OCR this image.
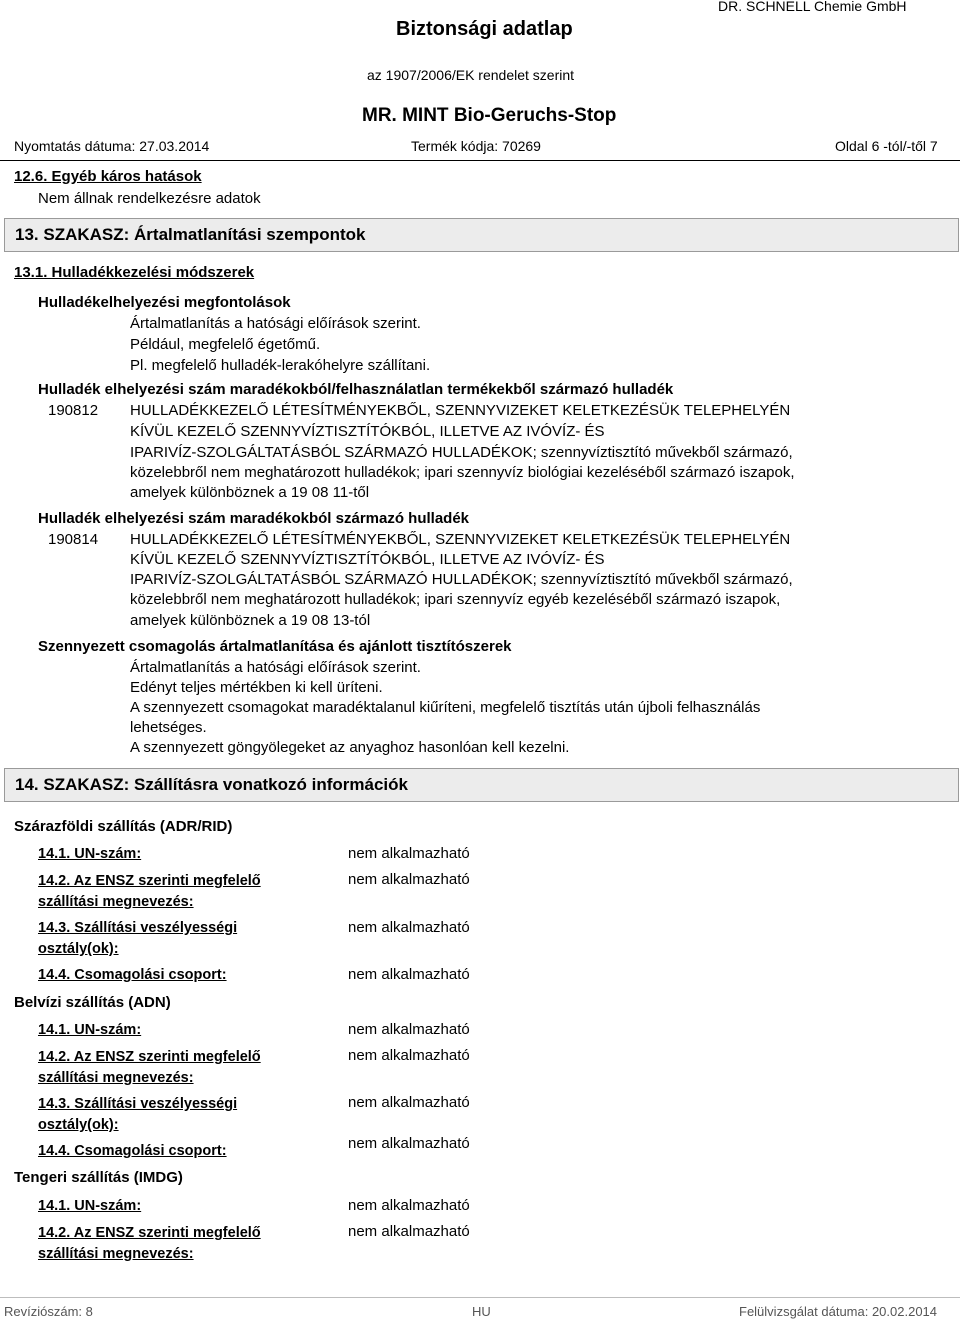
Biztonsági adatlap
DR. SCHNELL Chemie GmbH
az 1907/2006/EK rendelet szerint
MR. MINT Bio-Geruchs-Stop
Nyomtatás dátuma: 27.03.2014	Termék kódja: 70269	Oldal 6 -tól/-től 7
12.6. Egyéb káros hatások
Nem állnak rendelkezésre adatok
13. SZAKASZ: Ártalmatlanítási szempontok
13.1. Hulladékkezelési módszerek
Hulladékelhelyezési megfontolások
Ártalmatlanítás a hatósági előírások szerint.
Például, megfelelő égetőmű.
Pl. megfelelő hulladék-lerakóhelyre szállítani.
Hulladék elhelyezési szám maradékokból/felhasználatlan termékekből származó hulladék
190812 HULLADÉKKEZELŐ LÉTESÍTMÉNYEKBŐL, SZENNYVIZEKET KELETKEZÉSÜK TELEPHELYÉN
KÍVÜL KEZELŐ SZENNYVÍZTISZTÍTÓKBÓL, ILLETVE AZ IVÓVÍZ- ÉS
IPARIVÍZ-SZOLGÁLTATÁSBÓL SZÁRMAZÓ HULLADÉKOK; szennyvíztisztító művekből származó,
közelebbről nem meghatározott hulladékok; ipari szennyvíz biológiai kezeléséből származó iszapok,
amelyek különböznek a 19 08 11-től
Hulladék elhelyezési szám maradékokból származó hulladék
190814 HULLADÉKKEZELŐ LÉTESÍTMÉNYEKBŐL, SZENNYVIZEKET KELETKEZÉSÜK TELEPHELYÉN
KÍVÜL KEZELŐ SZENNYVÍZTISZTÍTÓKBÓL, ILLETVE AZ IVÓVÍZ- ÉS
IPARIVÍZ-SZOLGÁLTATÁSBÓL SZÁRMAZÓ HULLADÉKOK; szennyvíztisztító művekből származó,
közelebbről nem meghatározott hulladékok; ipari szennyvíz egyéb kezeléséből származó iszapok,
amelyek különböznek a 19 08 13-tól
Szennyezett csomagolás ártalmatlanítása és ajánlott tisztítószerek
Ártalmatlanítás a hatósági előírások szerint.
Edényt teljes mértékben ki kell üríteni.
A szennyezett csomagokat maradéktalanul kiűríteni, megfelelő tisztítás után újboli felhasználás
lehetséges.
A szennyezett göngyölegeket az anyaghoz hasonlóan kell kezelni.
14. SZAKASZ: Szállításra vonatkozó információk
Szárazföldi szállítás (ADR/RID)
14.1. UN-szám:	nem alkalmazható
14.2. Az ENSZ szerinti megfelelő
szállítási megnevezés:
nem alkalmazható
14.3. Szállítási veszélyességi
osztály(ok):
nem alkalmazható
14.4. Csomagolási csoport:	nem alkalmazható
Belvízi szállítás (ADN)
14.1. UN-szám:	nem alkalmazható
14.2. Az ENSZ szerinti megfelelő
szállítási megnevezés:
nem alkalmazható
14.3. Szállítási veszélyességi
osztály(ok):
nem alkalmazható
14.4. Csomagolási csoport:	nem alkalmazható
Tengeri szállítás (IMDG)
14.1. UN-szám:	nem alkalmazható
14.2. Az ENSZ szerinti megfelelő
szállítási megnevezés:
nem alkalmazható
Revíziószám: 8	HU	Felülvizsgálat dátuma: 20.02.2014
